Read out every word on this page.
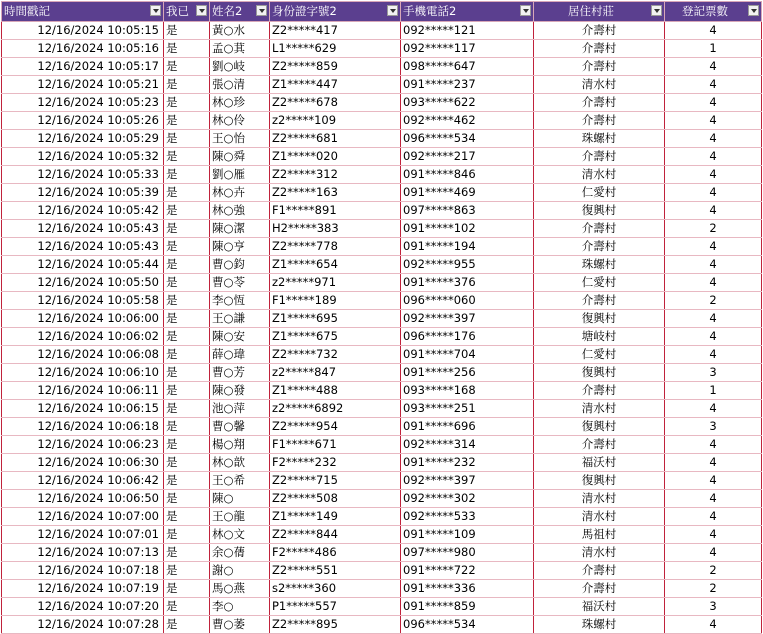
時間戳記	我已	姓名2	身份證字號2	手機電話2	居住村莊	登記票數

12/16/2024 10:05:15	是	黃○水	Z2*****417	092*****121	介壽村	4
12/16/2024 10:05:16	是	孟○萁	L1*****629	092*****117	介壽村	1
12/16/2024 10:05:17	是	劉○岐	Z2*****859	098*****647	介壽村	4
12/16/2024 10:05:21	是	張○清	Z1*****447	091*****237	清水村	4
12/16/2024 10:05:23	是	林○珍	Z2*****678	093*****622	介壽村	4
12/16/2024 10:05:26	是	林○伶	z2*****109	092*****462	介壽村	4
12/16/2024 10:05:29	是	王○怡	Z2*****681	096*****534	珠螺村	4
12/16/2024 10:05:32	是	陳○舜	Z1*****020	092*****217	介壽村	4
12/16/2024 10:05:33	是	劉○雁	Z2*****312	091*****846	清水村	4
12/16/2024 10:05:39	是	林○卉	Z2*****163	091*****469	仁愛村	4
12/16/2024 10:05:42	是	林○強	F1*****891	097*****863	復興村	4
12/16/2024 10:05:43	是	陳○潔	H2*****383	091*****102	介壽村	2
12/16/2024 10:05:43	是	陳○亨	Z2*****778	091*****194	介壽村	4
12/16/2024 10:05:44	是	曹○鈞	Z1*****654	092*****955	珠螺村	4
12/16/2024 10:05:50	是	曹○苓	z2*****971	091*****376	仁愛村	4
12/16/2024 10:05:58	是	李○恆	F1*****189	096*****060	介壽村	2
12/16/2024 10:06:00	是	王○謙	Z1*****695	092*****397	復興村	4
12/16/2024 10:06:02	是	陳○安	Z1*****675	096*****176	塘岐村	4
12/16/2024 10:06:08	是	薛○瑋	Z2*****732	091*****704	仁愛村	4
12/16/2024 10:06:10	是	曹○芳	z2*****847	091*****256	復興村	3
12/16/2024 10:06:11	是	陳○發	Z1*****488	093*****168	介壽村	1
12/16/2024 10:06:15	是	池○萍	z2*****6892	093*****251	清水村	4
12/16/2024 10:06:18	是	曹○馨	Z2*****954	091*****696	復興村	3
12/16/2024 10:06:23	是	楊○翔	F1*****671	092*****314	介壽村	4
12/16/2024 10:06:30	是	林○歆	F2*****232	091*****232	福沃村	4
12/16/2024 10:06:42	是	王○希	Z2*****715	092*****397	復興村	4
12/16/2024 10:06:50	是	陳○	Z2*****508	092*****302	清水村	4
12/16/2024 10:07:00	是	王○龍	Z1*****149	092*****533	清水村	4
12/16/2024 10:07:01	是	林○文	Z2*****844	091*****109	馬祖村	4
12/16/2024 10:07:13	是	余○蒨	F2*****486	097*****980	清水村	4
12/16/2024 10:07:18	是	謝○	Z2*****551	091*****722	介壽村	2
12/16/2024 10:07:19	是	馬○燕	s2*****360	091*****336	介壽村	2
12/16/2024 10:07:20	是	李○	P1*****557	091*****859	福沃村	3
12/16/2024 10:07:28	是	曹○萎	Z2*****895	096*****534	珠螺村	4
